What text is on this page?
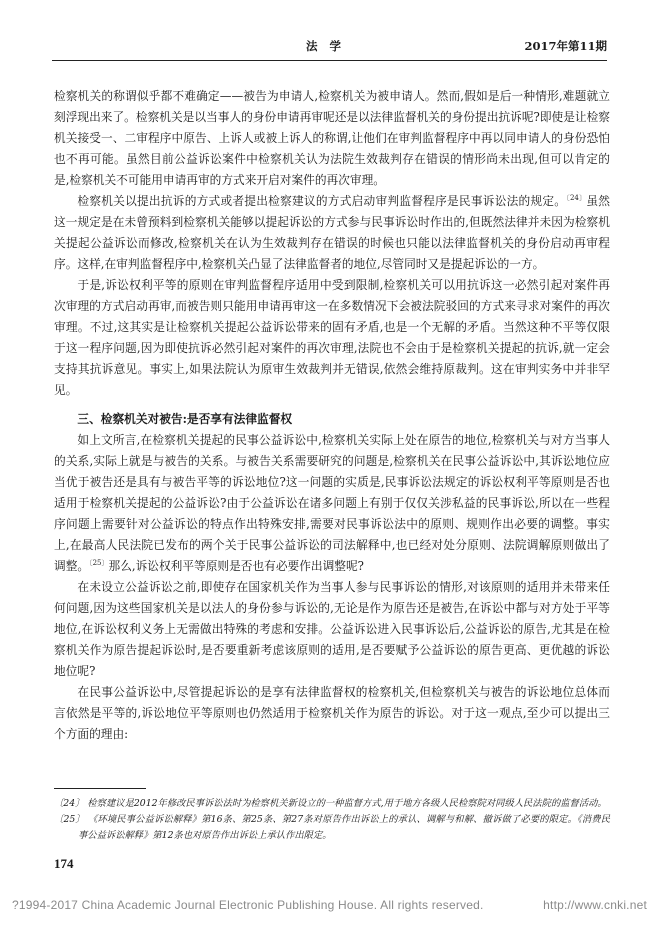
法学	2017年第11期

检察机关的称谓似乎都不难确定——被告为申请人,检察机关为被申请人。然而,假如是后一种情形,难题就立刻浮现出来了。检察机关是以当事人的身份申请再审呢还是以法律监督机关的身份提出抗诉呢?即使是让检察机关接受一、二审程序中原告、上诉人或被上诉人的称谓,让他们在审判监督程序中再以同申请人的身份恐怕也不再可能。虽然目前公益诉讼案件中检察机关认为法院生效裁判存在错误的情形尚未出现,但可以肯定的是,检察机关不可能用申请再审的方式来开启对案件的再次审理。

检察机关以提出抗诉的方式或者提出检察建议的方式启动审判监督程序是民事诉讼法的规定。$^{〔24〕}$虽然这一规定是在未曾预料到检察机关能够以提起诉讼的方式参与民事诉讼时作出的,但既然法律并未因为检察机关提起公益诉讼而修改,检察机关在认为生效裁判存在错误的时候也只能以法律监督机关的身份启动再审程序。这样,在审判监督程序中,检察机关凸显了法律监督者的地位,尽管同时又是提起诉讼的一方。

于是,诉讼权利平等的原则在审判监督程序适用中受到限制,检察机关可以用抗诉这一必然引起对案件再次审理的方式启动再审,而被告则只能用申请再审这一在多数情况下会被法院驳回的方式来寻求对案件的再次审理。不过,这其实是让检察机关提起公益诉讼带来的固有矛盾,也是一个无解的矛盾。当然这种不平等仅限于这一程序问题,因为即使抗诉必然引起对案件的再次审理,法院也不会由于是检察机关提起的抗诉,就一定会支持其抗诉意见。事实上,如果法院认为原审生效裁判并无错误,依然会维持原裁判。这在审判实务中并非罕见。

三、检察机关对被告:是否享有法律监督权

如上文所言,在检察机关提起的民事公益诉讼中,检察机关实际上处在原告的地位,检察机关与对方当事人的关系,实际上就是与被告的关系。与被告关系需要研究的问题是,检察机关在民事公益诉讼中,其诉讼地位应当优于被告还是具有与被告平等的诉讼地位?这一问题的实质是,民事诉讼法规定的诉讼权利平等原则是否也适用于检察机关提起的公益诉讼?由于公益诉讼在诸多问题上有别于仅仅关涉私益的民事诉讼,所以在一些程序问题上需要针对公益诉讼的特点作出特殊安排,需要对民事诉讼法中的原则、规则作出必要的调整。事实上,在最高人民法院已发布的两个关于民事公益诉讼的司法解释中,也已经对处分原则、法院调解原则做出了调整。$^{〔25〕}$那么,诉讼权利平等原则是否也有必要作出调整呢?

在未设立公益诉讼之前,即使存在国家机关作为当事人参与民事诉讼的情形,对该原则的适用并未带来任何问题,因为这些国家机关是以法人的身份参与诉讼的,无论是作为原告还是被告,在诉讼中都与对方处于平等地位,在诉讼权利义务上无需做出特殊的考虑和安排。公益诉讼进入民事诉讼后,公益诉讼的原告,尤其是在检察机关作为原告提起诉讼时,是否要重新考虑该原则的适用,是否要赋予公益诉讼的原告更高、更优越的诉讼地位呢?

在民事公益诉讼中,尽管提起诉讼的是享有法律监督权的检察机关,但检察机关与被告的诉讼地位总体而言依然是平等的,诉讼地位平等原则也仍然适用于检察机关作为原告的诉讼。对于这一观点,至少可以提出三个方面的理由:

〔24〕 检察建议是2012年修改民事诉讼法时为检察机关新设立的一种监督方式,用于地方各级人民检察院对同级人民法院的监督活动。

〔25〕 《环境民事公益诉讼解释》第16条、第25条、第27条对原告作出诉讼上的承认、调解与和解、撤诉做了必要的限定。《消费民事公益诉讼解释》第12条也对原告作出诉讼上承认作出限定。

174
?1994-2017 China Academic Journal Electronic Publishing House. All rights reserved.	http://www.cnki.net
